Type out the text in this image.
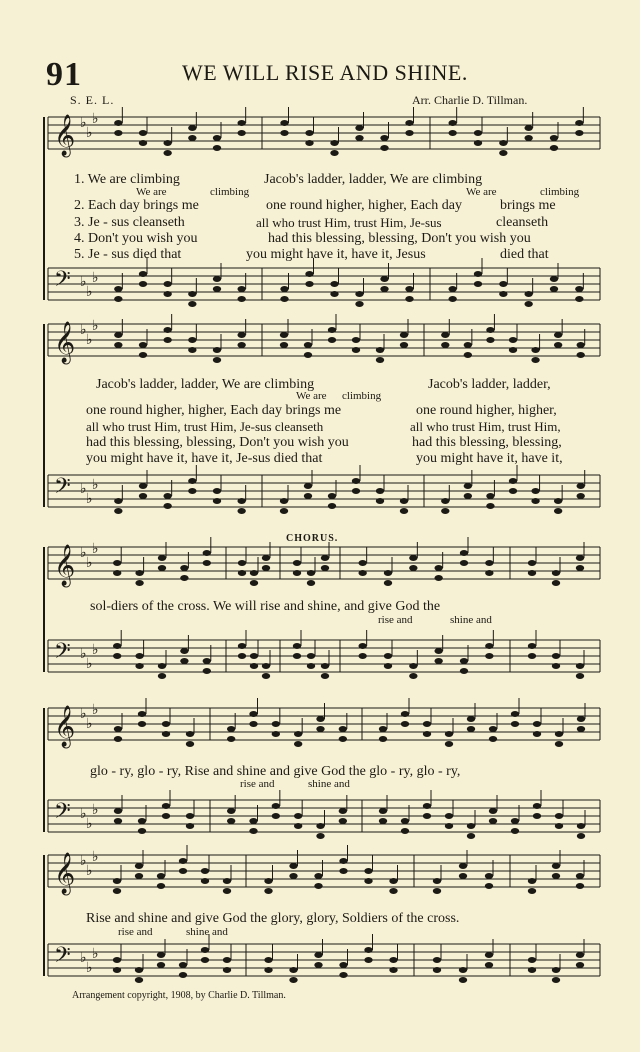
𝄞 ♭
♭
♭
𝄢 ♭
♭
♭
𝄞 ♭
♭
♭
𝄢 ♭
♭
♭
𝄞 ♭
♭
♭
𝄢 ♭
♭
♭
𝄞 ♭
♭
♭
𝄢 ♭
♭
♭
𝄞 ♭
♭
♭
𝄢 ♭
♭
♭
91	WE WILL RISE AND SHINE.
S. E. L.	Arr. Charlie D. Tillman.
1. We are climbing	Jacob's ladder, ladder, We are climbing
We are	climbing	We are	climbing
2. Each day brings me	one round higher, higher, Each day	brings me
3. Je - sus cleanseth	all who trust Him, trust Him, Je-sus	cleanseth
4. Don't you wish you	had this blessing, blessing, Don't you wish you
5. Je - sus died that	you might have it, have it, Jesus	died that
Jacob's ladder, ladder, We are climbing	Jacob's ladder, ladder,
We are climbing
one round higher, higher, Each day brings me	one round higher, higher,
all who trust Him, trust Him, Je-sus cleanseth	all who trust Him, trust Him,
had this blessing, blessing, Don't you wish you	had this blessing, blessing,
you might have it, have it, Je-sus died that	you might have it, have it,
CHORUS.
sol-diers of the cross. We will rise and shine, and give God the
rise and	shine and
glo - ry, glo - ry, Rise and shine and give God the glo - ry, glo - ry,
rise and	shine and
Rise and shine and give God the glory, glory, Soldiers of the cross.
rise and	shine and
Arrangement copyright, 1908, by Charlie D. Tillman.
